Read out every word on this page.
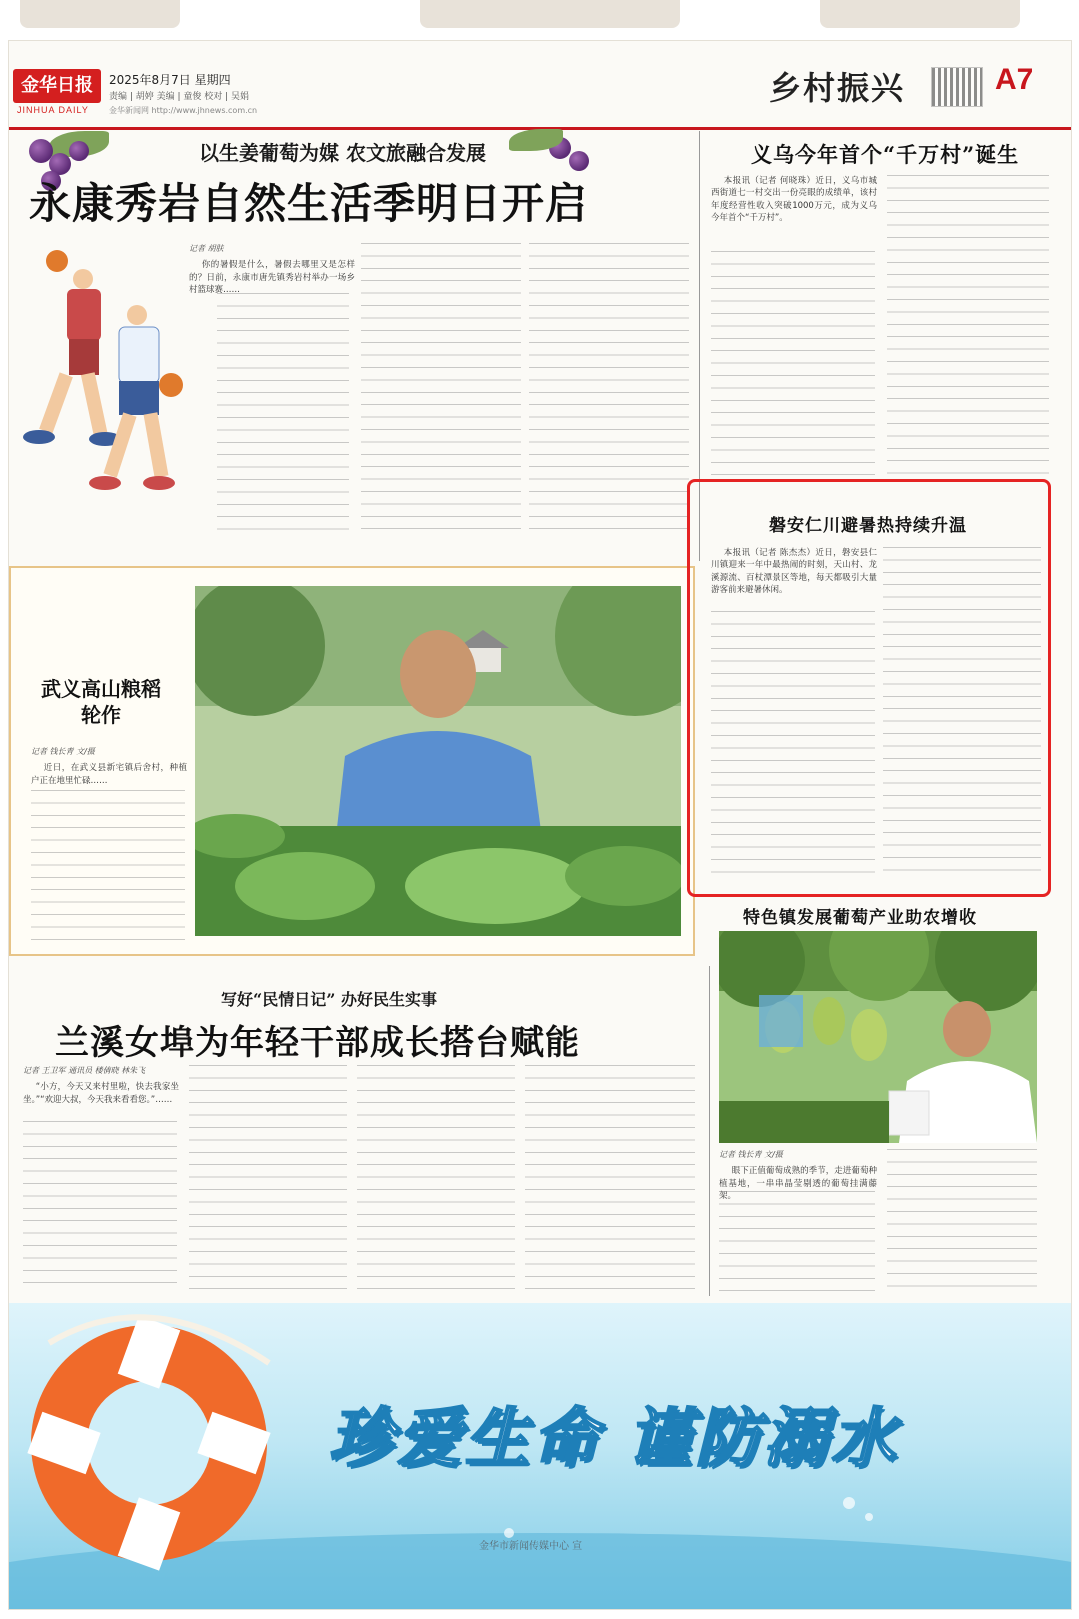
金华日报
JINHUA DAILY
2025年8月7日 星期四
责编 | 胡婷 美编 | 童俊 校对 | 吴娟
金华新闻网 http://www.jhnews.com.cn
乡村振兴	A7
以生姜葡萄为媒 农文旅融合发展
永康秀岩自然生活季明日开启
记者 胡肤

你的暑假是什么，暑假去哪里又是怎样的？日前，永康市唐先镇秀岩村举办一场乡村篮球赛……

义乌今年首个“千万村”诞生

本报讯（记者 何晓珠）近日，义乌市城西街道七一村交出一份亮眼的成绩单，该村年度经营性收入突破1000万元，成为义乌今年首个“千万村”。

武义高山粮稻轮作
记者 钱长青 文/摄

近日，在武义县新宅镇后舍村，种植户正在地里忙碌……

磐安仁川避暑热持续升温

本报讯（记者 陈杰杰）近日，磐安县仁川镇迎来一年中最热闹的时刻，天山村、龙溪源流、百杖潭景区等地，每天都吸引大量游客前来避暑休闲。

特色镇发展葡萄产业助农增收
记者 钱长青 文/摄

眼下正值葡萄成熟的季节，走进葡萄种植基地，一串串晶莹剔透的葡萄挂满藤架。

写好“民情日记” 办好民生实事
兰溪女埠为年轻干部成长搭台赋能
记者 王卫军 通讯员 楼倩晓 林朱飞

“小方，今天又来村里啦，快去我家坐坐。”“欢迎大叔，今天我来看看您。”……

珍爱生命 谨防溺水
金华市新闻传媒中心 宣
